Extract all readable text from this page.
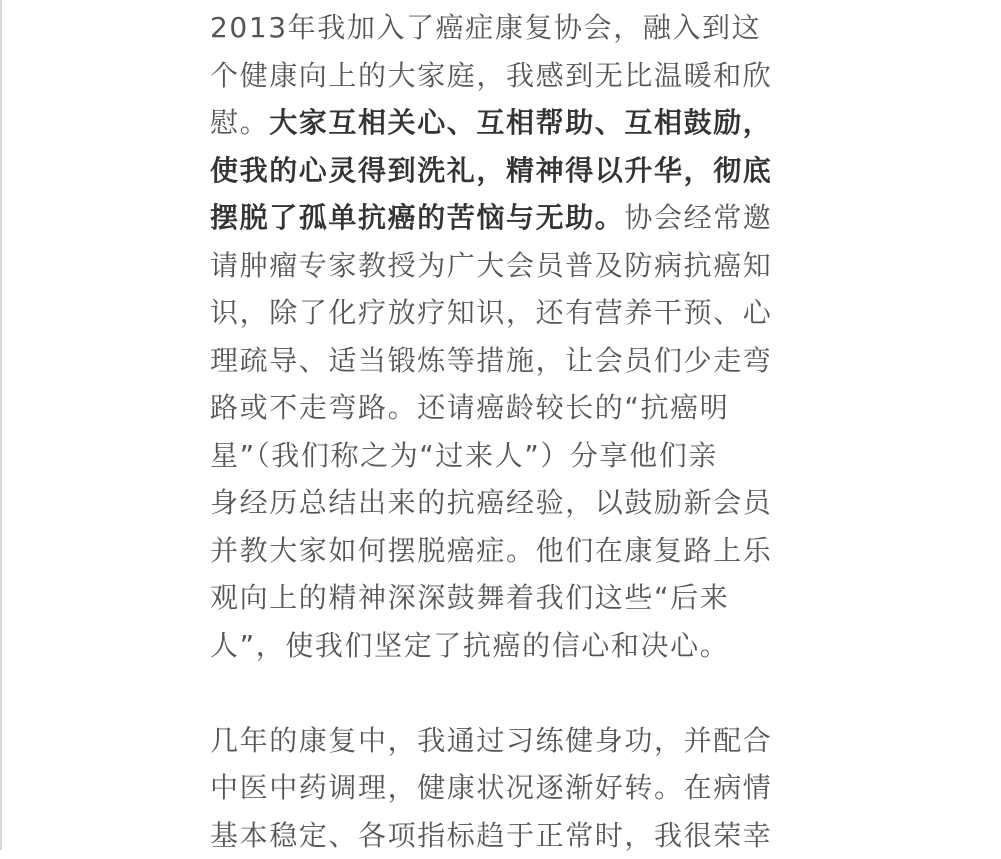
2013年我加入了癌症康复协会，融入到这
个健康向上的大家庭，我感到无比温暖和欣
慰。大家互相关心、互相帮助、互相鼓励，
使我的心灵得到洗礼，精神得以升华，彻底
摆脱了孤单抗癌的苦恼与无助。协会经常邀
请肿瘤专家教授为广大会员普及防病抗癌知
识，除了化疗放疗知识，还有营养干预、心
理疏导、适当锻炼等措施，让会员们少走弯
路或不走弯路。还请癌龄较长的“抗癌明
星”（我们称之为“过来人”）分享他们亲
身经历总结出来的抗癌经验，以鼓励新会员
并教大家如何摆脱癌症。他们在康复路上乐
观向上的精神深深鼓舞着我们这些“后来
人”，使我们坚定了抗癌的信心和决心。
几年的康复中，我通过习练健身功，并配合
中医中药调理，健康状况逐渐好转。在病情
基本稳定、各项指标趋于正常时，我很荣幸
